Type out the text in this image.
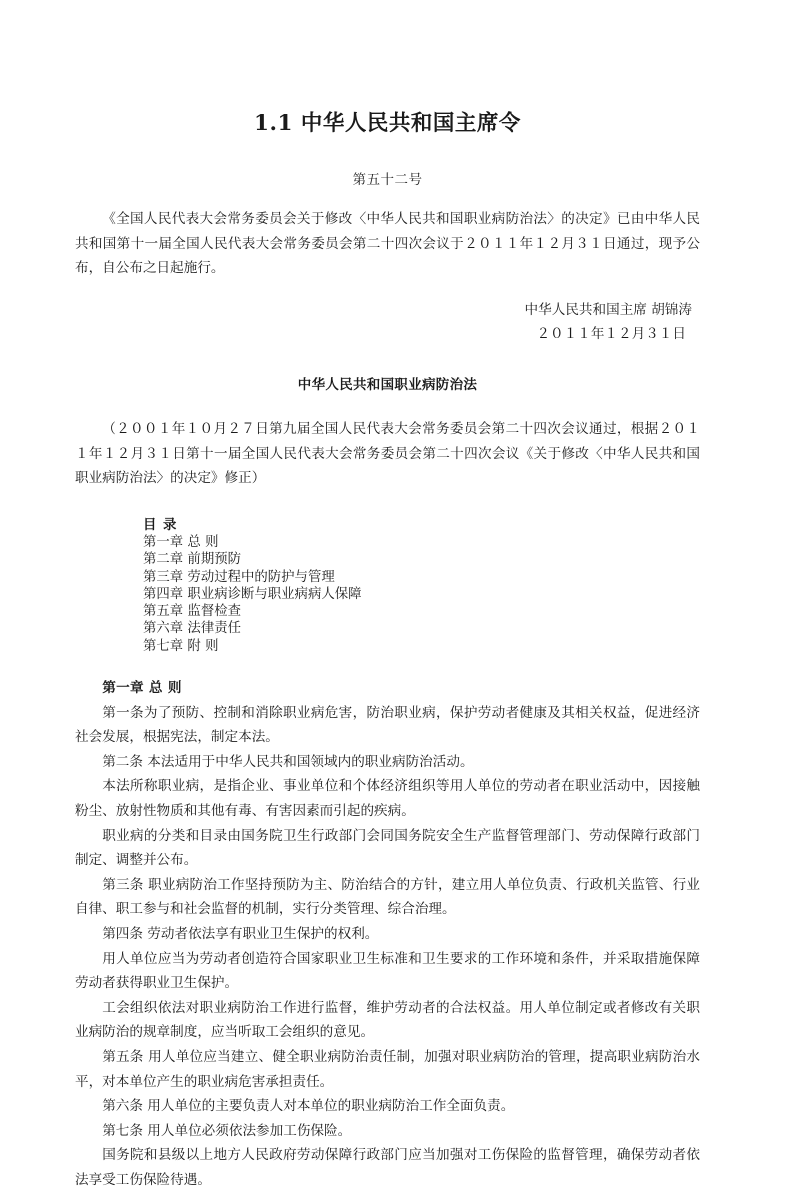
1.1 中华人民共和国主席令
第五十二号

《全国人民代表大会常务委员会关于修改〈中华人民共和国职业病防治法〉的决定》已由中华人民共和国第十一届全国人民代表大会常务委员会第二十四次会议于２０１１年１２月３１日通过，现予公布，自公布之日起施行。

中华人民共和国主席 胡锦涛
２０１１年１２月３１日
中华人民共和国职业病防治法

（２００１年１０月２７日第九届全国人民代表大会常务委员会第二十四次会议通过，根据２０１１年１２月３１日第十一届全国人民代表大会常务委员会第二十四次会议《关于修改〈中华人民共和国职业病防治法〉的决定》修正）

目 录
第一章 总 则
第二章 前期预防
第三章 劳动过程中的防护与管理
第四章 职业病诊断与职业病病人保障
第五章 监督检查
第六章 法律责任
第七章 附 则
第一章 总 则

第一条为了预防、控制和消除职业病危害，防治职业病，保护劳动者健康及其相关权益，促进经济社会发展，根据宪法，制定本法。

第二条 本法适用于中华人民共和国领域内的职业病防治活动。

本法所称职业病，是指企业、事业单位和个体经济组织等用人单位的劳动者在职业活动中，因接触粉尘、放射性物质和其他有毒、有害因素而引起的疾病。

职业病的分类和目录由国务院卫生行政部门会同国务院安全生产监督管理部门、劳动保障行政部门制定、调整并公布。

第三条 职业病防治工作坚持预防为主、防治结合的方针，建立用人单位负责、行政机关监管、行业自律、职工参与和社会监督的机制，实行分类管理、综合治理。

第四条 劳动者依法享有职业卫生保护的权利。

用人单位应当为劳动者创造符合国家职业卫生标准和卫生要求的工作环境和条件，并采取措施保障劳动者获得职业卫生保护。

工会组织依法对职业病防治工作进行监督，维护劳动者的合法权益。用人单位制定或者修改有关职业病防治的规章制度，应当听取工会组织的意见。

第五条 用人单位应当建立、健全职业病防治责任制，加强对职业病防治的管理，提高职业病防治水平，对本单位产生的职业病危害承担责任。

第六条 用人单位的主要负责人对本单位的职业病防治工作全面负责。

第七条 用人单位必须依法参加工伤保险。

国务院和县级以上地方人民政府劳动保障行政部门应当加强对工伤保险的监督管理，确保劳动者依法享受工伤保险待遇。
